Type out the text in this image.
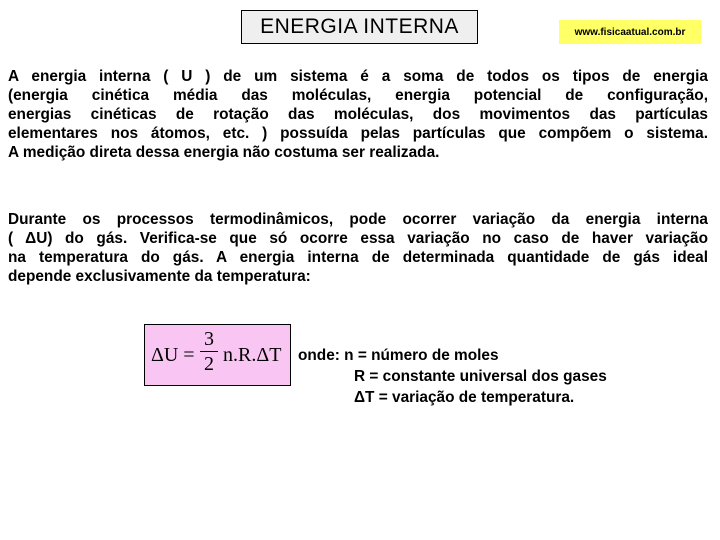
ENERGIA INTERNA	www.fisicaatual.com.br

A energia interna ( U ) de um sistema é a soma de todos os tipos de energia
(energia cinética média das moléculas, energia potencial de configuração,
energias cinéticas de rotação das moléculas, dos movimentos das partículas
elementares nos átomos, etc. ) possuída pelas partículas que compõem o sistema.
A medição direta dessa energia não costuma ser realizada.

Durante os processos termodinâmicos, pode ocorrer variação da energia interna
( ΔU) do gás. Verifica-se que só ocorre essa variação no caso de haver variação
na temperatura do gás. A energia interna de determinada quantidade de gás ideal
depende exclusivamente da temperatura:

$\Delta U = \frac{3}{2} n.R.\Delta T$ onde: n = número de moles
R = constante universal dos gases
ΔT = variação de temperatura.
